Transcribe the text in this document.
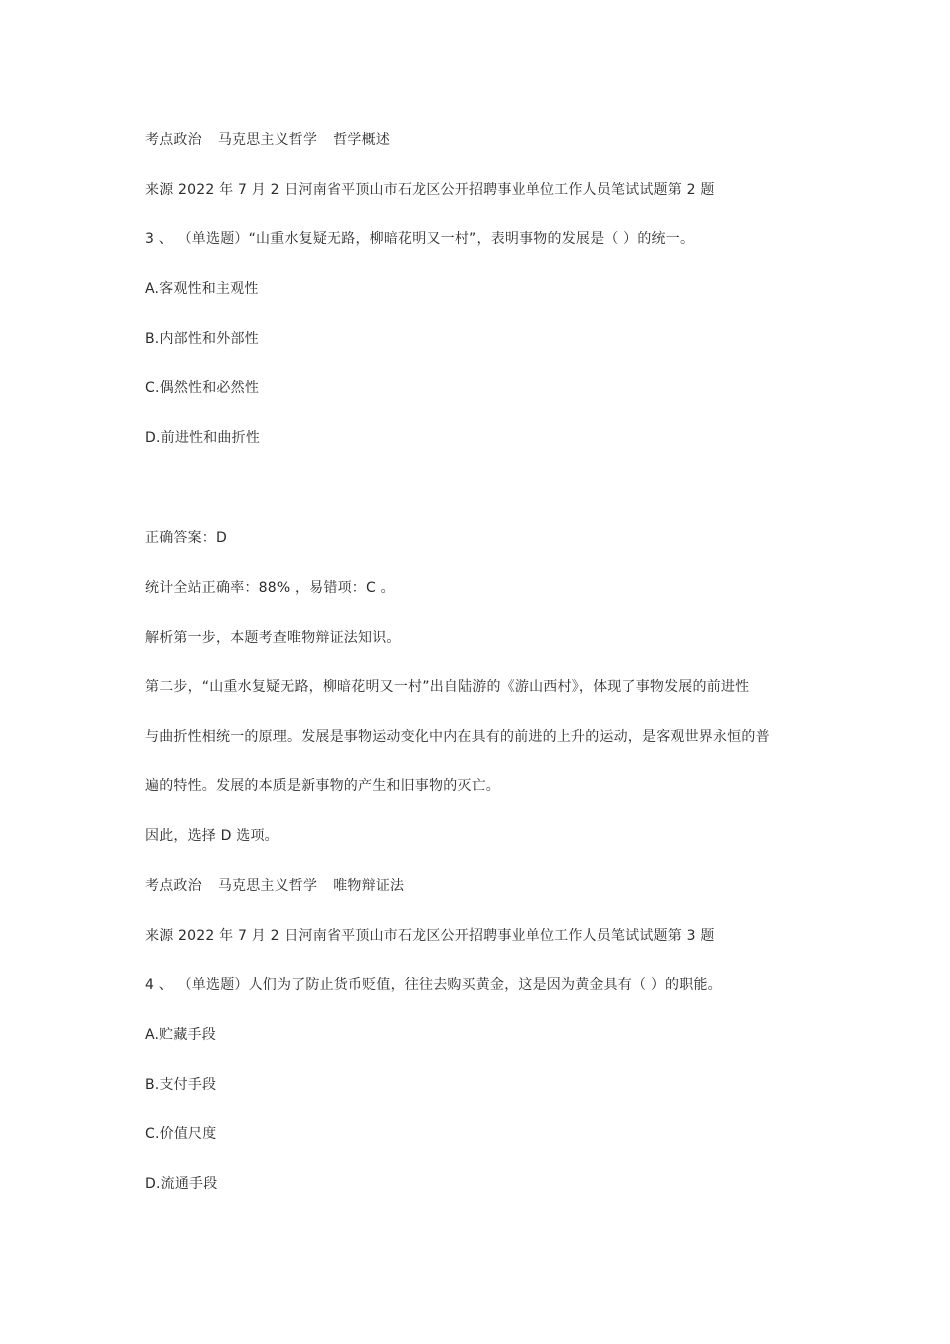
考点政治 马克思主义哲学 哲学概述
来源 2022 年 7 月 2 日河南省平顶山市石龙区公开招聘事业单位工作人员笔试试题第 2 题
3 、 （单选题）“山重水复疑无路，柳暗花明又一村”，表明事物的发展是（ ）的统一。
A.客观性和主观性
B.内部性和外部性
C.偶然性和必然性
D.前进性和曲折性
正确答案：D
统计全站正确率：88% ，易错项：C 。
解析第一步，本题考查唯物辩证法知识。
第二步，“山重水复疑无路，柳暗花明又一村”出自陆游的《游山西村》，体现了事物发展的前进性
与曲折性相统一的原理。发展是事物运动变化中内在具有的前进的上升的运动，是客观世界永恒的普
遍的特性。发展的本质是新事物的产生和旧事物的灭亡。
因此，选择 D 选项。
考点政治 马克思主义哲学 唯物辩证法
来源 2022 年 7 月 2 日河南省平顶山市石龙区公开招聘事业单位工作人员笔试试题第 3 题
4 、 （单选题）人们为了防止货币贬值，往往去购买黄金，这是因为黄金具有（ ）的职能。
A.贮藏手段
B.支付手段
C.价值尺度
D.流通手段
